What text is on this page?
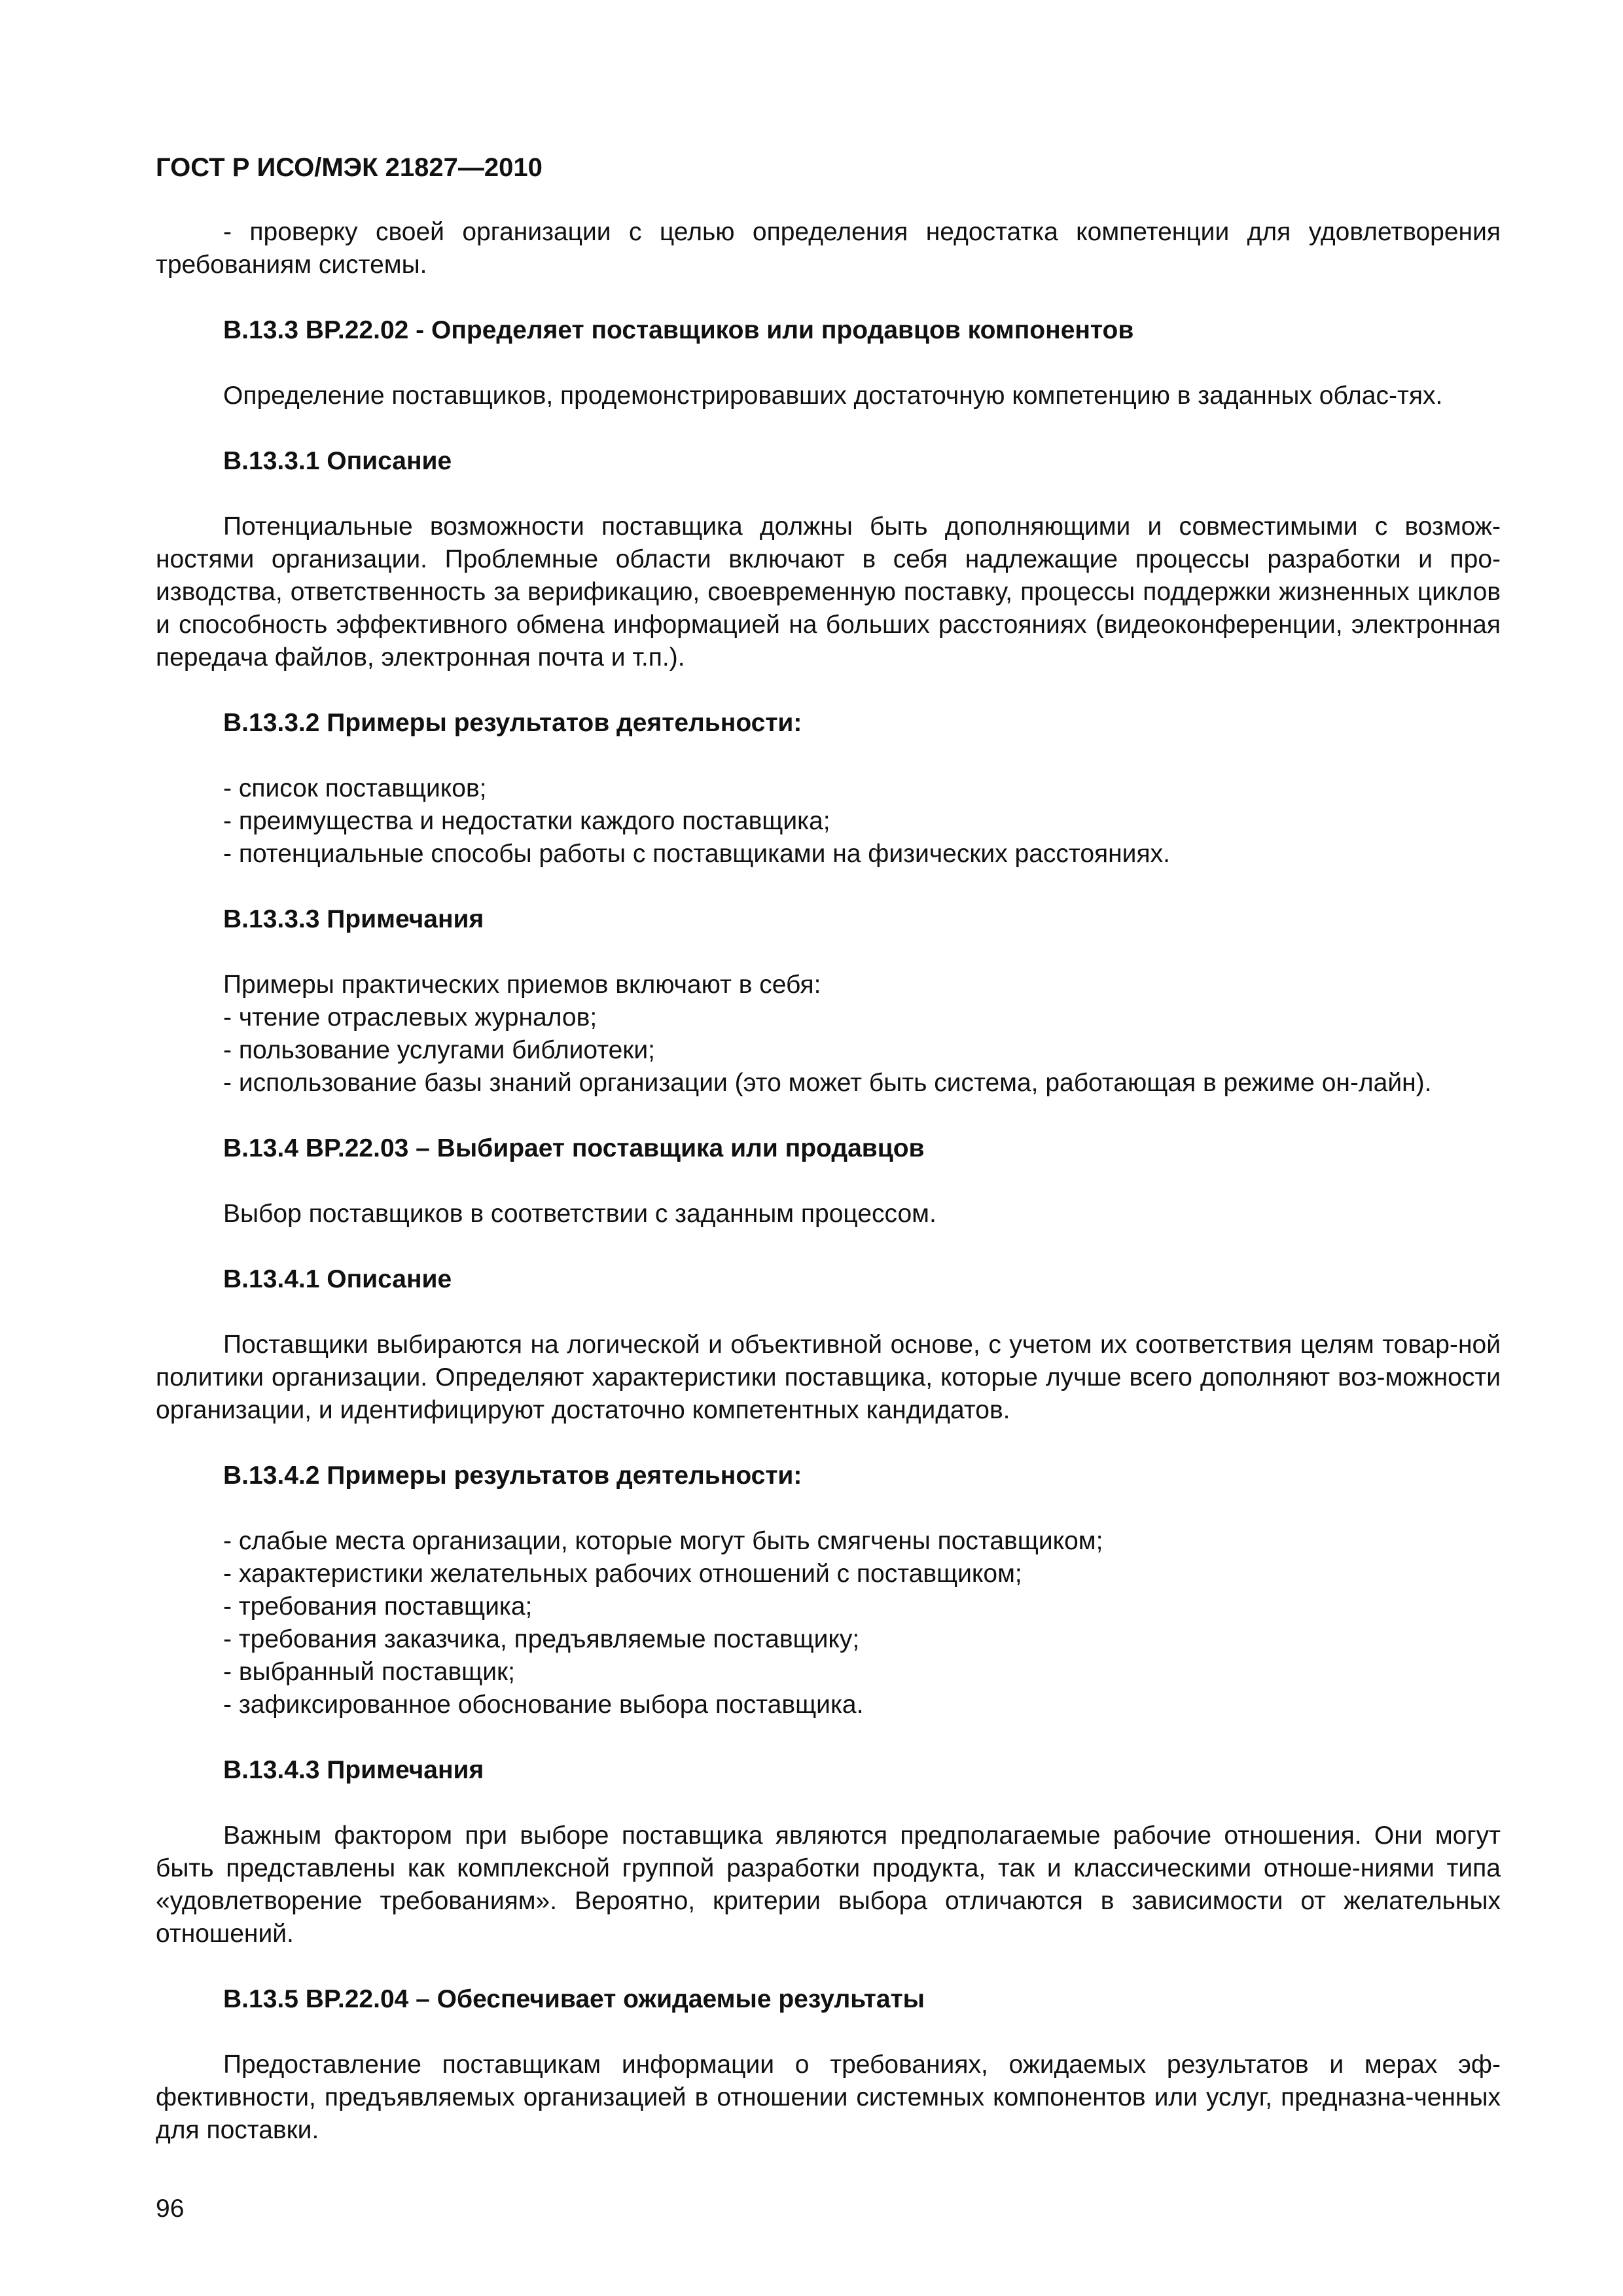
ГОСТ Р ИСО/МЭК 21827—2010

- проверку своей организации с целью определения недостатка компетенции для удовлетворения требованиям системы.

B.13.3 BP.22.02 - Определяет поставщиков или продавцов компонентов

Определение поставщиков, продемонстрировавших достаточную компетенцию в заданных облас-тях.

B.13.3.1 Описание

Потенциальные возможности поставщика должны быть дополняющими и совместимыми с возмож-ностями организации. Проблемные области включают в себя надлежащие процессы разработки и про-изводства, ответственность за верификацию, своевременную поставку, процессы поддержки жизненных циклов и способность эффективного обмена информацией на больших расстояниях (видеоконференции, электронная передача файлов, электронная почта и т.п.).

B.13.3.2 Примеры результатов деятельности:

- список поставщиков;

- преимущества и недостатки каждого поставщика;

- потенциальные способы работы с поставщиками на физических расстояниях.

B.13.3.3 Примечания

Примеры практических приемов включают в себя:

- чтение отраслевых журналов;

- пользование услугами библиотеки;

- использование базы знаний организации (это может быть система, работающая в режиме он-лайн).

B.13.4 BP.22.03 – Выбирает поставщика или продавцов

Выбор поставщиков в соответствии с заданным процессом.

B.13.4.1 Описание

Поставщики выбираются на логической и объективной основе, с учетом их соответствия целям товар-ной политики организации. Определяют характеристики поставщика, которые лучше всего дополняют воз-можности организации, и идентифицируют достаточно компетентных кандидатов.

B.13.4.2 Примеры результатов деятельности:

- слабые места организации, которые могут быть смягчены поставщиком;

- характеристики желательных рабочих отношений с поставщиком;

- требования поставщика;

- требования заказчика, предъявляемые поставщику;

- выбранный поставщик;

- зафиксированное обоснование выбора поставщика.

B.13.4.3 Примечания

Важным фактором при выборе поставщика являются предполагаемые рабочие отношения. Они могут быть представлены как комплексной группой разработки продукта, так и классическими отноше-ниями типа «удовлетворение требованиям». Вероятно, критерии выбора отличаются в зависимости от желательных отношений.

B.13.5 BP.22.04 – Обеспечивает ожидаемые результаты

Предоставление поставщикам информации о требованиях, ожидаемых результатов и мерах эф-фективности, предъявляемых организацией в отношении системных компонентов или услуг, предназна-ченных для поставки.

96
